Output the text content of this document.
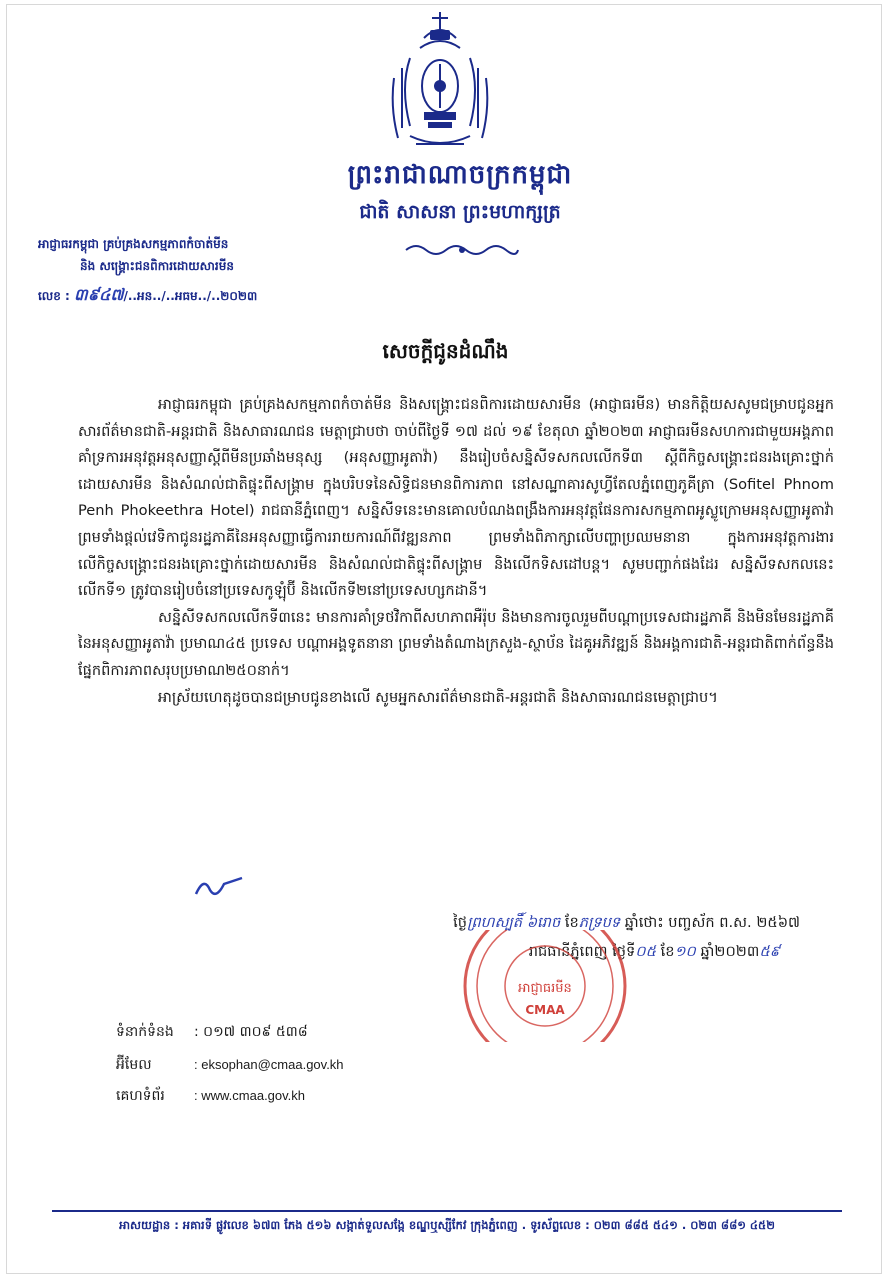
ព្រះរាជាណាចក្រកម្ពុជា
ជាតិ សាសនា ព្រះមហាក្សត្រ
អាជ្ញាធរកម្ពុជា គ្រប់គ្រងសកម្មភាពកំចាត់មីន
និង សង្គ្រោះជនពិការដោយសារមីន
លេខ : ៣៩៤៧/..អន../..អធម../..២០២៣
សេចក្តីជូនដំណឹង

អាជ្ញាធរកម្ពុជា គ្រប់គ្រងសកម្មភាពកំចាត់មីន និងសង្គ្រោះជនពិការដោយសារមីន (អាជ្ញាធរមីន) មានកិត្តិយសសូមជម្រាបជូនអ្នកសារព័ត៌មានជាតិ-អន្តរជាតិ និងសាធារណជន មេត្តាជ្រាបថា ចាប់ពីថ្ងៃទី ១៧ ដល់ ១៩ ខែតុលា ឆ្នាំ២០២៣ អាជ្ញាធរមីនសហការជាមួយអង្គភាពគាំទ្រការអនុវត្តអនុសញ្ញាស្តីពីមីនប្រឆាំងមនុស្ស (អនុសញ្ញាអូតាវ៉ា) នឹងរៀបចំសន្និសីទសកលលើកទី៣ ស្តីពីកិច្ចសង្គ្រោះជនរងគ្រោះថ្នាក់ដោយសារមីន និងសំណល់ជាតិផ្ទុះពីសង្គ្រាម ក្នុងបរិបទនៃសិទ្ធិជនមានពិការភាព នៅសណ្ឋាគារសូហ្វីតែលភ្នំពេញភូគីត្រា (Sofitel Phnom Penh Phokeethra Hotel) រាជធានីភ្នំពេញ។ សន្និសីទនេះមានគោលបំណងពង្រឹងការអនុវត្តផែនការសកម្មភាពអូស្លូក្រោមអនុសញ្ញាអូតាវ៉ា ព្រមទាំងផ្តល់វេទិកាជូនរដ្ឋភាគីនៃអនុសញ្ញាធ្វើការរាយការណ៍ពីវឌ្ឍនភាព ព្រមទាំងពិភាក្សាលើបញ្ហាប្រឈមនានា ក្នុងការអនុវត្តការងារលើកិច្ចសង្គ្រោះជនរងគ្រោះថ្នាក់ដោយសារមីន និងសំណល់ជាតិផ្ទុះពីសង្គ្រាម និងលើកទិសដៅបន្ត។ សូមបញ្ជាក់ផងដែរ សន្និសីទសកលនេះ លើកទី១ ត្រូវបានរៀបចំនៅប្រទេសកូឡុំប៊ី និងលើកទី២នៅប្រទេសហ្សកដានី។

សន្និសីទសកលលើកទី៣នេះ មានការគាំទ្រថវិកាពីសហភាពអឺរ៉ុប និងមានការចូលរួមពីបណ្តាប្រទេសជារដ្ឋភាគី និងមិនមែនរដ្ឋភាគីនៃអនុសញ្ញាអូតាវ៉ា ប្រមាណ៤៥ ប្រទេស បណ្តាអង្គទូតនានា ព្រមទាំងតំណាងក្រសួង-ស្ថាប័ន ដៃគូអភិវឌ្ឍន៍ និងអង្គការជាតិ-អន្តរជាតិពាក់ព័ន្ធនឹងផ្នែកពិការភាពសរុបប្រមាណ២៥០នាក់។

អាស្រ័យហេតុដូចបានជម្រាបជូនខាងលើ សូមអ្នកសារព័ត៌មានជាតិ-អន្តរជាតិ និងសាធារណជនមេត្តាជ្រាប។

ថ្ងៃព្រហស្បតិ៍ ៦រោច ខែភទ្របទ ឆ្នាំថោះ បញ្ចស័ក ព.ស. ២៥៦៧
រាជធានីភ្នំពេញ ថ្ងៃទី០៥ ខែ១០ ឆ្នាំ២០២៣៥៩
អាជ្ញាធរមីន
CMAA
ទំនាក់ទំនង : ០១៧ ៣០៩ ៥៣៨
អ៊ីមែល	: eksophan@cmaa.gov.kh
គេហទំព័រ : www.cmaa.gov.kh
អាសយដ្ឋាន : អគារទី ផ្លូវលេខ ៦៧៣ ភែង ៥១៦ សង្កាត់ទួលសង្កែ ខណ្ឌឬស្សីកែវ ក្រុងភ្នំពេញ . ទូរស័ព្ទលេខ : ០២៣ ៨៨៥ ៥៤១ . ០២៣ ៨៨១ ៤៥២
